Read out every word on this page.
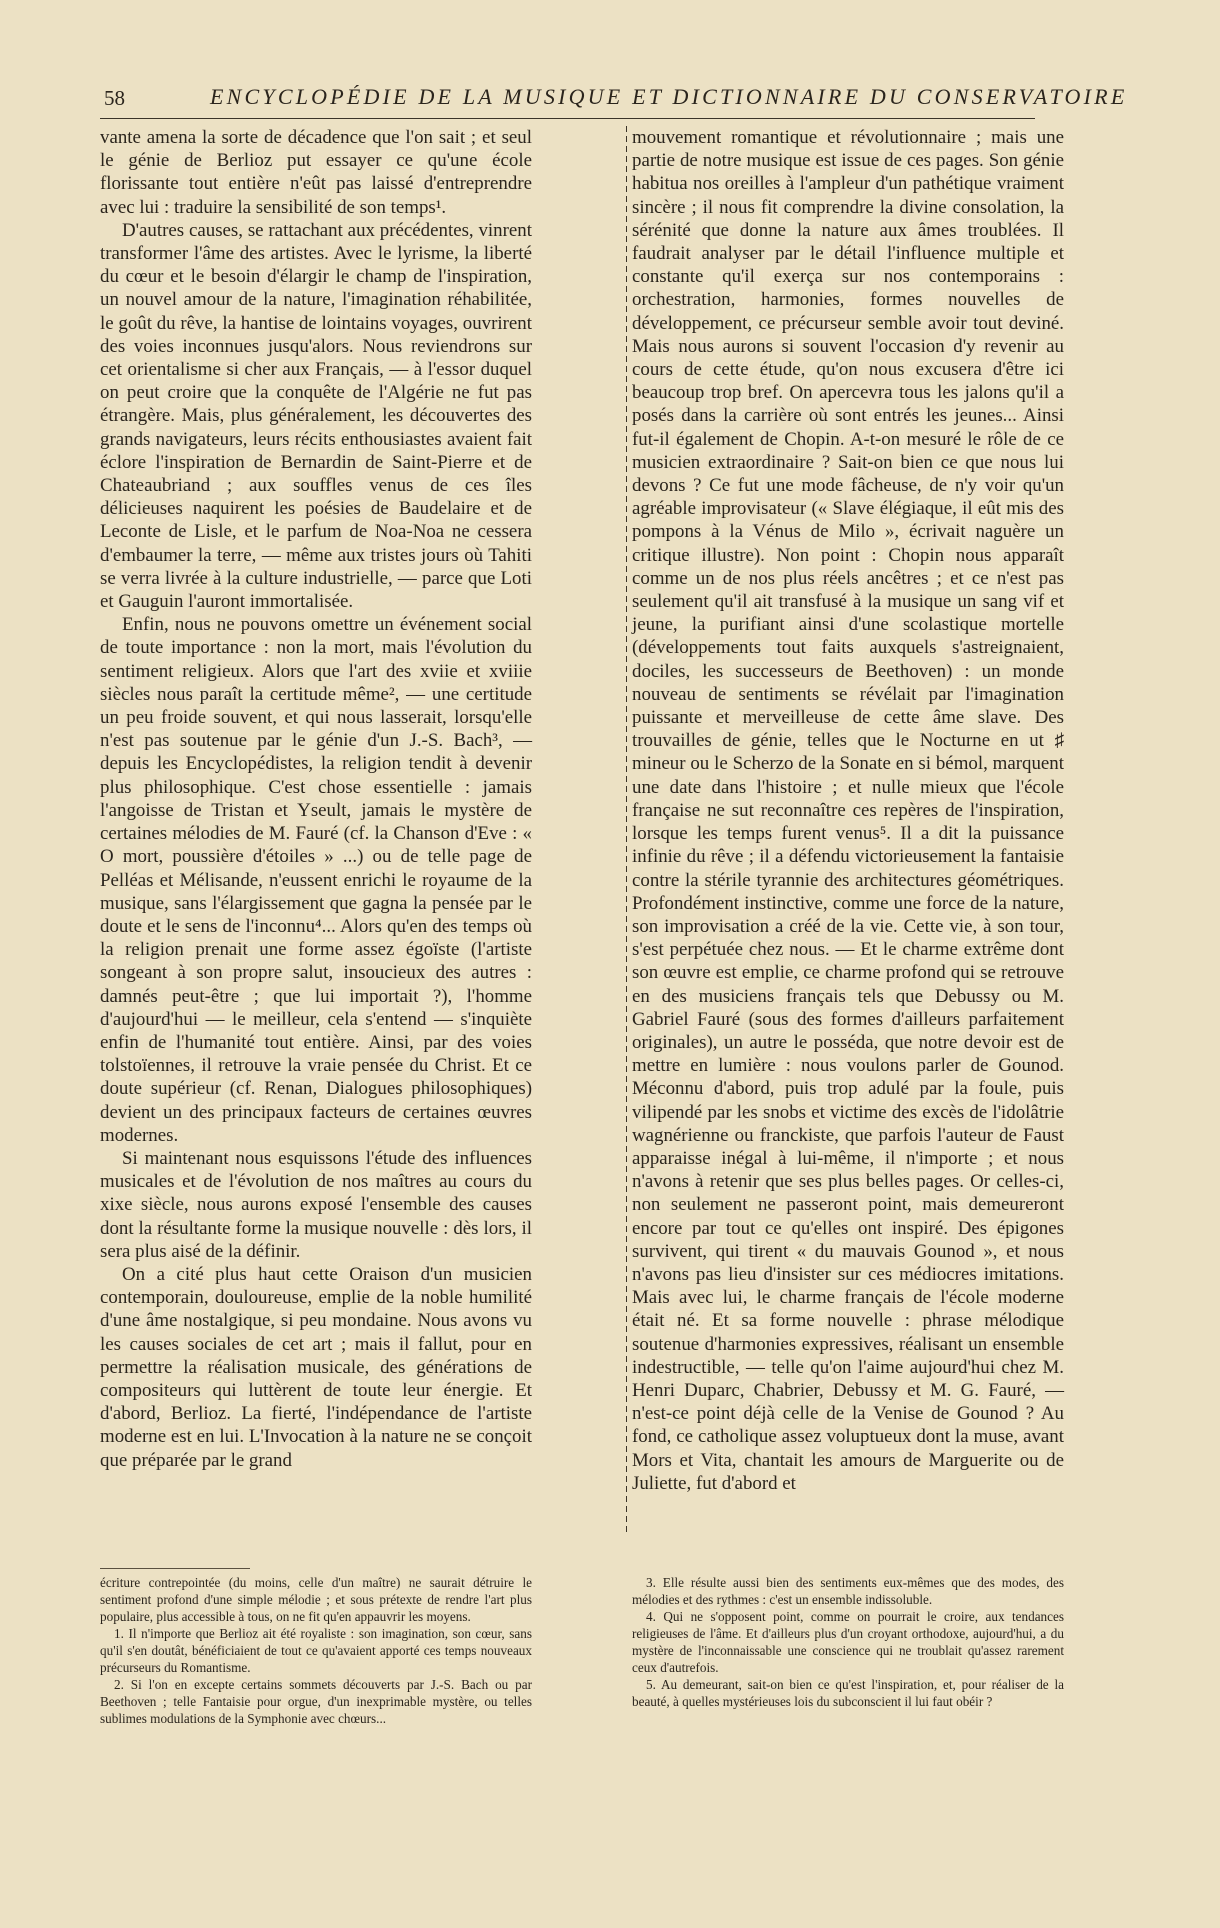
58	ENCYCLOPÉDIE DE LA MUSIQUE ET DICTIONNAIRE DU CONSERVATOIRE

vante amena la sorte de décadence que l'on sait ; et seul le génie de Berlioz put essayer ce qu'une école florissante tout entière n'eût pas laissé d'entreprendre avec lui : traduire la sensibilité de son temps¹.

D'autres causes, se rattachant aux précédentes, vinrent transformer l'âme des artistes. Avec le lyrisme, la liberté du cœur et le besoin d'élargir le champ de l'inspiration, un nouvel amour de la nature, l'imagination réhabilitée, le goût du rêve, la hantise de lointains voyages, ouvrirent des voies inconnues jusqu'alors. Nous reviendrons sur cet orientalisme si cher aux Français, — à l'essor duquel on peut croire que la conquête de l'Algérie ne fut pas étrangère. Mais, plus généralement, les découvertes des grands navigateurs, leurs récits enthousiastes avaient fait éclore l'inspiration de Bernardin de Saint-Pierre et de Chateaubriand ; aux souffles venus de ces îles délicieuses naquirent les poésies de Baudelaire et de Leconte de Lisle, et le parfum de Noa-Noa ne cessera d'embaumer la terre, — même aux tristes jours où Tahiti se verra livrée à la culture industrielle, — parce que Loti et Gauguin l'auront immortalisée.

Enfin, nous ne pouvons omettre un événement social de toute importance : non la mort, mais l'évolution du sentiment religieux. Alors que l'art des xviie et xviiie siècles nous paraît la certitude même², — une certitude un peu froide souvent, et qui nous lasserait, lorsqu'elle n'est pas soutenue par le génie d'un J.-S. Bach³, — depuis les Encyclopédistes, la religion tendit à devenir plus philosophique. C'est chose essentielle : jamais l'angoisse de Tristan et Yseult, jamais le mystère de certaines mélodies de M. Fauré (cf. la Chanson d'Eve : « O mort, poussière d'étoiles » ...) ou de telle page de Pelléas et Mélisande, n'eussent enrichi le royaume de la musique, sans l'élargissement que gagna la pensée par le doute et le sens de l'inconnu⁴... Alors qu'en des temps où la religion prenait une forme assez égoïste (l'artiste songeant à son propre salut, insoucieux des autres : damnés peut-être ; que lui importait ?), l'homme d'aujourd'hui — le meilleur, cela s'entend — s'inquiète enfin de l'humanité tout entière. Ainsi, par des voies tolstoïennes, il retrouve la vraie pensée du Christ. Et ce doute supérieur (cf. Renan, Dialogues philosophiques) devient un des principaux facteurs de certaines œuvres modernes.

Si maintenant nous esquissons l'étude des influences musicales et de l'évolution de nos maîtres au cours du xixe siècle, nous aurons exposé l'ensemble des causes dont la résultante forme la musique nouvelle : dès lors, il sera plus aisé de la définir.

On a cité plus haut cette Oraison d'un musicien contemporain, douloureuse, emplie de la noble humilité d'une âme nostalgique, si peu mondaine. Nous avons vu les causes sociales de cet art ; mais il fallut, pour en permettre la réalisation musicale, des générations de compositeurs qui luttèrent de toute leur énergie. Et d'abord, Berlioz. La fierté, l'indépendance de l'artiste moderne est en lui. L'Invocation à la nature ne se conçoit que préparée par le grand

mouvement romantique et révolutionnaire ; mais une partie de notre musique est issue de ces pages. Son génie habitua nos oreilles à l'ampleur d'un pathétique vraiment sincère ; il nous fit comprendre la divine consolation, la sérénité que donne la nature aux âmes troublées. Il faudrait analyser par le détail l'influence multiple et constante qu'il exerça sur nos contemporains : orchestration, harmonies, formes nouvelles de développement, ce précurseur semble avoir tout deviné. Mais nous aurons si souvent l'occasion d'y revenir au cours de cette étude, qu'on nous excusera d'être ici beaucoup trop bref. On apercevra tous les jalons qu'il a posés dans la carrière où sont entrés les jeunes... Ainsi fut-il également de Chopin. A-t-on mesuré le rôle de ce musicien extraordinaire ? Sait-on bien ce que nous lui devons ? Ce fut une mode fâcheuse, de n'y voir qu'un agréable improvisateur (« Slave élégiaque, il eût mis des pompons à la Vénus de Milo », écrivait naguère un critique illustre). Non point : Chopin nous apparaît comme un de nos plus réels ancêtres ; et ce n'est pas seulement qu'il ait transfusé à la musique un sang vif et jeune, la purifiant ainsi d'une scolastique mortelle (développements tout faits auxquels s'astreignaient, dociles, les successeurs de Beethoven) : un monde nouveau de sentiments se révélait par l'imagination puissante et merveilleuse de cette âme slave. Des trouvailles de génie, telles que le Nocturne en ut ♯ mineur ou le Scherzo de la Sonate en si bémol, marquent une date dans l'histoire ; et nulle mieux que l'école française ne sut reconnaître ces repères de l'inspiration, lorsque les temps furent venus⁵. Il a dit la puissance infinie du rêve ; il a défendu victorieusement la fantaisie contre la stérile tyrannie des architectures géométriques. Profondément instinctive, comme une force de la nature, son improvisation a créé de la vie. Cette vie, à son tour, s'est perpétuée chez nous. — Et le charme extrême dont son œuvre est emplie, ce charme profond qui se retrouve en des musiciens français tels que Debussy ou M. Gabriel Fauré (sous des formes d'ailleurs parfaitement originales), un autre le posséda, que notre devoir est de mettre en lumière : nous voulons parler de Gounod. Méconnu d'abord, puis trop adulé par la foule, puis vilipendé par les snobs et victime des excès de l'idolâtrie wagnérienne ou franckiste, que parfois l'auteur de Faust apparaisse inégal à lui-même, il n'importe ; et nous n'avons à retenir que ses plus belles pages. Or celles-ci, non seulement ne passeront point, mais demeureront encore par tout ce qu'elles ont inspiré. Des épigones survivent, qui tirent « du mauvais Gounod », et nous n'avons pas lieu d'insister sur ces médiocres imitations. Mais avec lui, le charme français de l'école moderne était né. Et sa forme nouvelle : phrase mélodique soutenue d'harmonies expressives, réalisant un ensemble indestructible, — telle qu'on l'aime aujourd'hui chez M. Henri Duparc, Chabrier, Debussy et M. G. Fauré, — n'est-ce point déjà celle de la Venise de Gounod ? Au fond, ce catholique assez voluptueux dont la muse, avant Mors et Vita, chantait les amours de Marguerite ou de Juliette, fut d'abord et

écriture contrepointée (du moins, celle d'un maître) ne saurait détruire le sentiment profond d'une simple mélodie ; et sous prétexte de rendre l'art plus populaire, plus accessible à tous, on ne fit qu'en appauvrir les moyens.

1. Il n'importe que Berlioz ait été royaliste : son imagination, son cœur, sans qu'il s'en doutât, bénéficiaient de tout ce qu'avaient apporté ces temps nouveaux précurseurs du Romantisme.

2. Si l'on en excepte certains sommets découverts par J.-S. Bach ou par Beethoven ; telle Fantaisie pour orgue, d'un inexprimable mystère, ou telles sublimes modulations de la Symphonie avec chœurs...

3. Elle résulte aussi bien des sentiments eux-mêmes que des modes, des mélodies et des rythmes : c'est un ensemble indissoluble.

4. Qui ne s'opposent point, comme on pourrait le croire, aux tendances religieuses de l'âme. Et d'ailleurs plus d'un croyant orthodoxe, aujourd'hui, a du mystère de l'inconnaissable une conscience qui ne troublait qu'assez rarement ceux d'autrefois.

5. Au demeurant, sait-on bien ce qu'est l'inspiration, et, pour réaliser de la beauté, à quelles mystérieuses lois du subconscient il lui faut obéir ?
